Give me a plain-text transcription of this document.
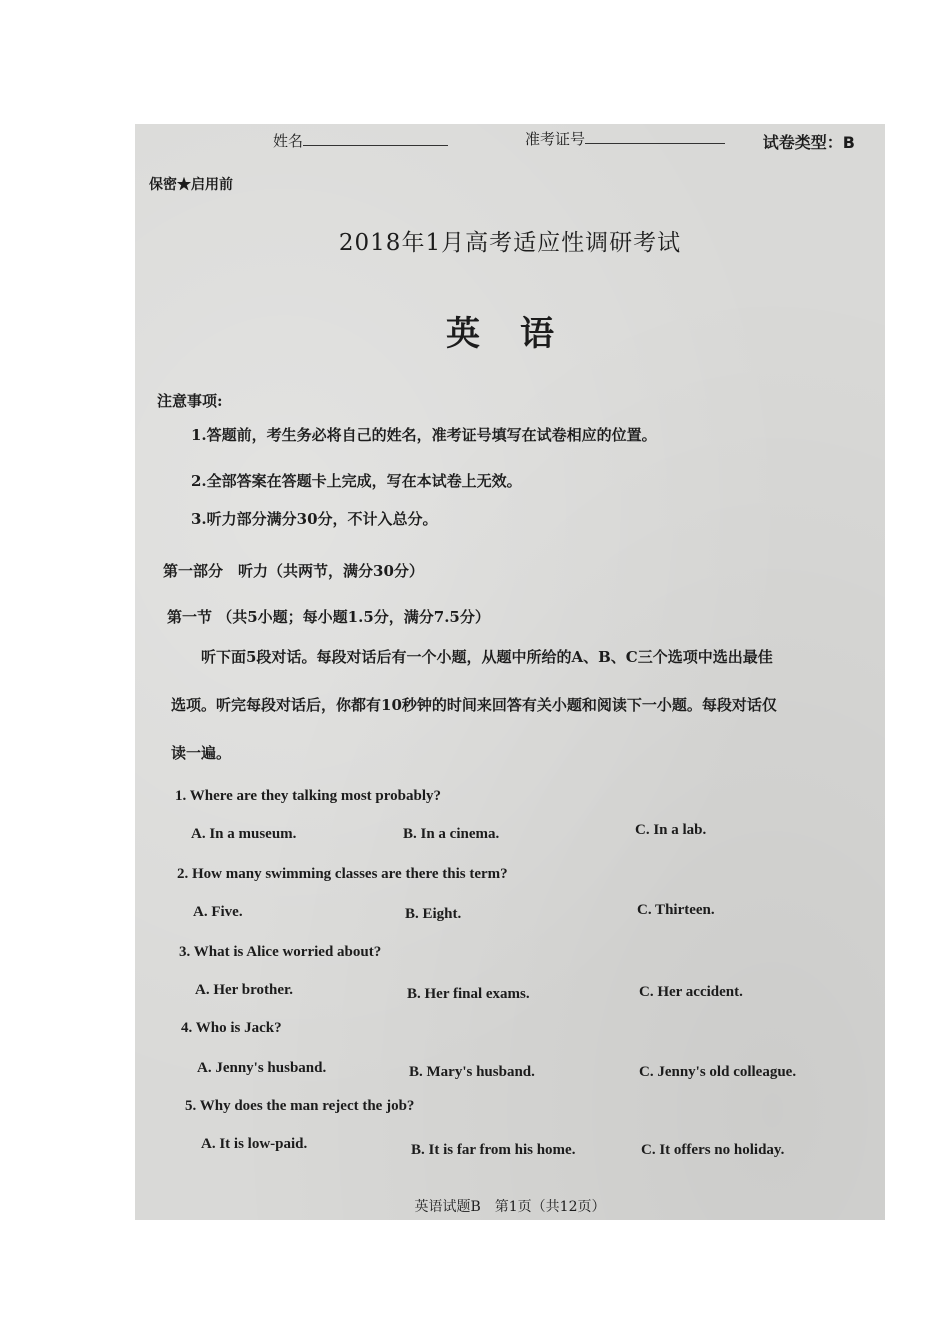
姓名	准考证号	试卷类型：B
保密★启用前
2018年1月高考适应性调研考试
英语
注意事项:
1.答题前，考生务必将自己的姓名，准考证号填写在试卷相应的位置。
2.全部答案在答题卡上完成，写在本试卷上无效。
3.听力部分满分30分，不计入总分。
第一部分　听力（共两节，满分30分）
第一节 （共5小题；每小题1.5分，满分7.5分）
听下面5段对话。每段对话后有一个小题，从题中所给的A、B、C三个选项中选出最佳
选项。听完每段对话后，你都有10秒钟的时间来回答有关小题和阅读下一小题。每段对话仅
读一遍。
1. Where are they talking most probably?
A. In a museum.	B. In a cinema.	C. In a lab.
2. How many swimming classes are there this term?
A. Five.	B. Eight.	C. Thirteen.
3. What is Alice worried about?
A. Her brother.	B. Her final exams.	C. Her accident.
4. Who is Jack?
A. Jenny's husband.	B. Mary's husband.	C. Jenny's old colleague.
5. Why does the man reject the job?
A. It is low-paid.	B. It is far from his home.	C. It offers no holiday.
英语试题B　第1页（共12页）
